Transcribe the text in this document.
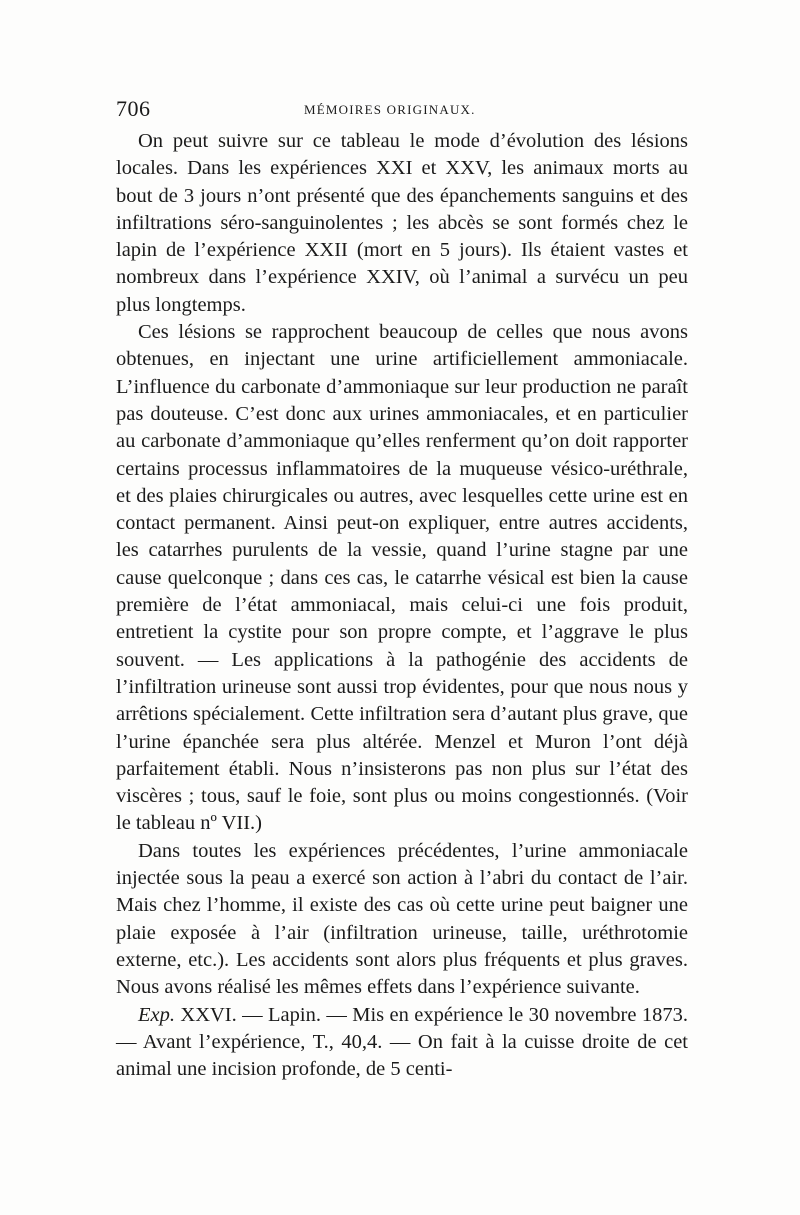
706	MÉMOIRES ORIGINAUX.

On peut suivre sur ce tableau le mode d’évolution des lésions locales. Dans les expériences XXI et XXV, les animaux morts au bout de 3 jours n’ont présenté que des épanchements sanguins et des infiltrations séro-sanguinolentes ; les abcès se sont formés chez le lapin de l’expérience XXII (mort en 5 jours). Ils étaient vastes et nombreux dans l’expérience XXIV, où l’animal a survécu un peu plus longtemps.

Ces lésions se rapprochent beaucoup de celles que nous avons obtenues, en injectant une urine artificiellement ammoniacale. L’influence du carbonate d’ammoniaque sur leur production ne paraît pas douteuse. C’est donc aux urines ammoniacales, et en particulier au carbonate d’ammoniaque qu’elles renferment qu’on doit rapporter certains processus inflammatoires de la muqueuse vésico-uréthrale, et des plaies chirurgicales ou autres, avec lesquelles cette urine est en contact permanent. Ainsi peut-on expliquer, entre autres accidents, les catarrhes purulents de la vessie, quand l’urine stagne par une cause quelconque ; dans ces cas, le catarrhe vésical est bien la cause première de l’état ammoniacal, mais celui-ci une fois produit, entretient la cystite pour son propre compte, et l’aggrave le plus souvent. — Les applications à la pathogénie des accidents de l’infiltration urineuse sont aussi trop évidentes, pour que nous nous y arrêtions spécialement. Cette infiltration sera d’autant plus grave, que l’urine épanchée sera plus altérée. Menzel et Muron l’ont déjà parfaitement établi. Nous n’insisterons pas non plus sur l’état des viscères ; tous, sauf le foie, sont plus ou moins congestionnés. (Voir le tableau nº VII.)

Dans toutes les expériences précédentes, l’urine ammoniacale injectée sous la peau a exercé son action à l’abri du contact de l’air. Mais chez l’homme, il existe des cas où cette urine peut baigner une plaie exposée à l’air (infiltration urineuse, taille, uréthrotomie externe, etc.). Les accidents sont alors plus fréquents et plus graves. Nous avons réalisé les mêmes effets dans l’expérience suivante.

Exp. XXVI. — Lapin. — Mis en expérience le 30 novembre 1873. — Avant l’expérience, T., 40,4. — On fait à la cuisse droite de cet animal une incision profonde, de 5 centi-
